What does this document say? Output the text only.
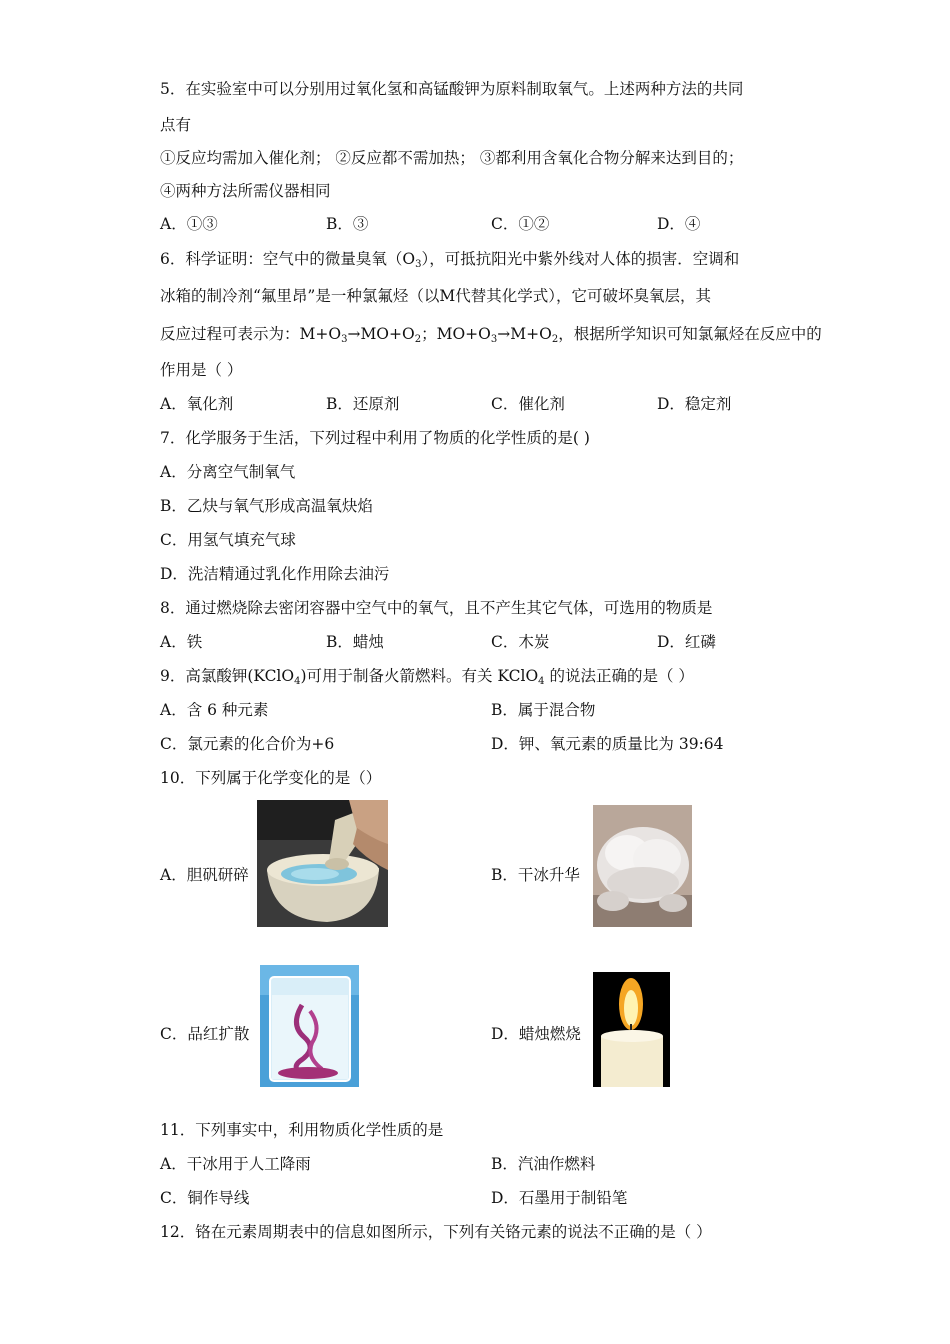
5．在实验室中可以分别用过氧化氢和高锰酸钾为原料制取氧气。上述两种方法的共同
点有
①反应均需加入催化剂； ②反应都不需加热； ③都利用含氧化合物分解来达到目的；
④两种方法所需仪器相同
A．①③	B．③	C．①②	D．④
6．科学证明：空气中的微量臭氧$(O_3)$，可抵抗阳光中紫外线对人体的损害．空调和
冰箱的制冷剂“氟里昂”是一种氯氟烃（以M代替其化学式），它可破坏臭氧层，其
反应过程可表示为：$M+O_3\to MO+O_2$；$MO+O_3\to M+O_2$，根据所学知识可知氯氟烃在反应中的
作用是（ ）
A．氧化剂	B．还原剂	C．催化剂	D．稳定剂
7．化学服务于生活，下列过程中利用了物质的化学性质的是( )
A．分离空气制氧气
B．乙炔与氧气形成高温氧炔焰
C．用氢气填充气球
D．洗洁精通过乳化作用除去油污
8．通过燃烧除去密闭容器中空气中的氧气，且不产生其它气体，可选用的物质是
A．铁	B．蜡烛	C．木炭	D．红磷
9．高氯酸钾(KClO$_4$)可用于制备火箭燃料。有关 KClO$_4$ 的说法正确的是（ ）
A．含 6 种元素	B．属于混合物
C．氯元素的化合价为+6	D．钾、氧元素的质量比为 39:64
10．下列属于化学变化的是（）
A．胆矾研碎	B．干冰升华
C．品红扩散	D．蜡烛燃烧
11．下列事实中，利用物质化学性质的是
A．干冰用于人工降雨	B．汽油作燃料
C．铜作导线	D．石墨用于制铅笔
12．铬在元素周期表中的信息如图所示，下列有关铬元素的说法不正确的是（ ）
